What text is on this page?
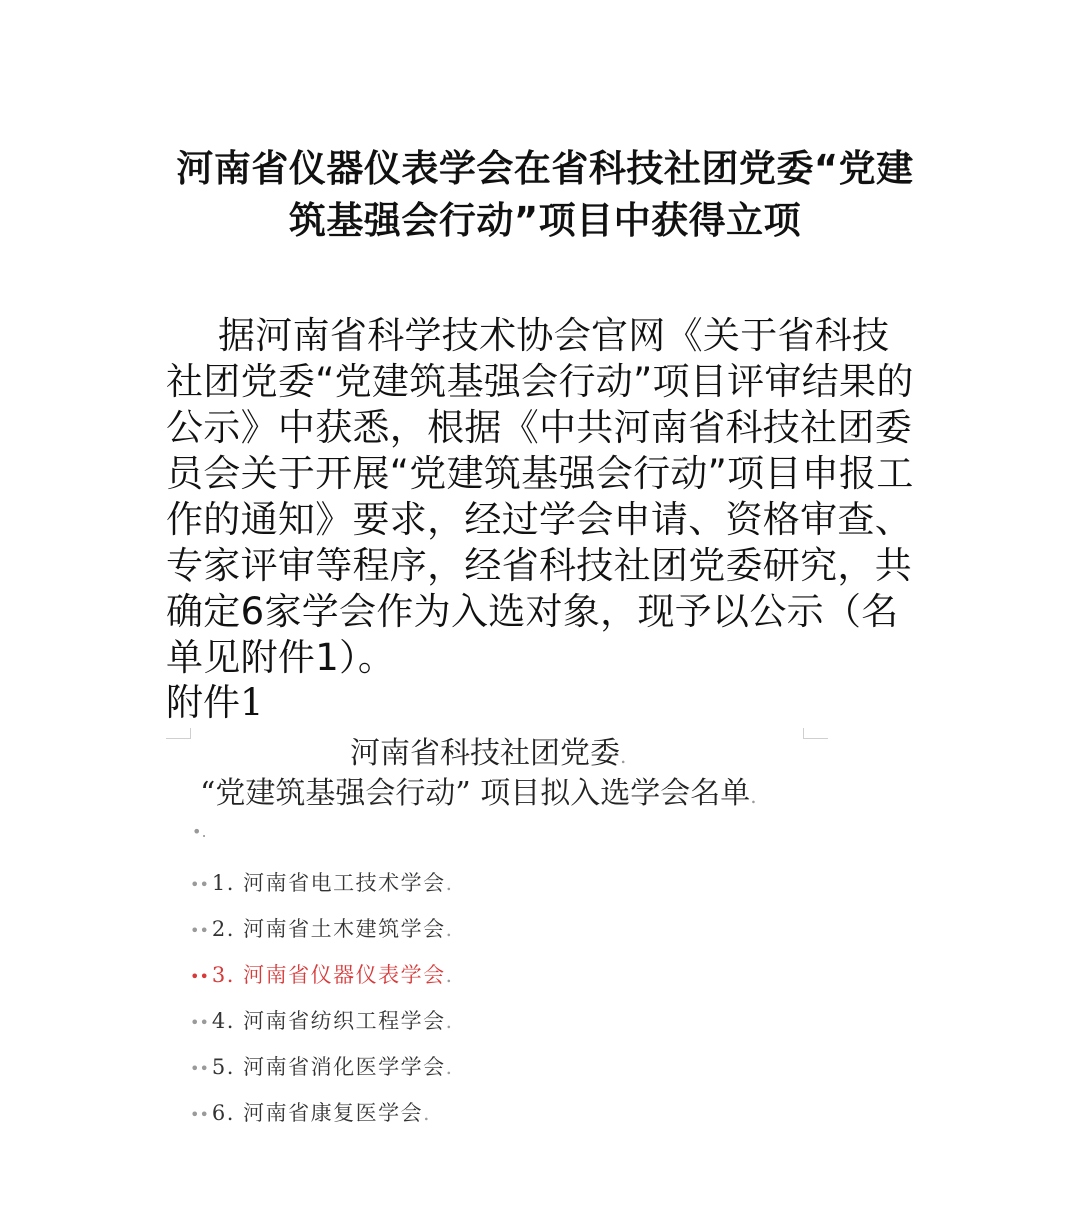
河南省仪器仪表学会在省科技社团党委“党建
筑基强会行动”项目中获得立项
据河南省科学技术协会官网《关于省科技社团党委“党建筑基强会行动”项目评审结果的公示》中获悉，根据《中共河南省科技社团委员会关于开展“党建筑基强会行动”项目申报工作的通知》要求，经过学会申请、资格审查、专家评审等程序，经省科技社团党委研究，共确定6家学会作为入选对象，现予以公示（名单见附件1）。
附件1
河南省科技社团党委.
“党建筑基强会行动” 项目拟入选学会名单.
•.
•• 1. 河南省电工技术学会.
•• 2. 河南省土木建筑学会.
•• 3. 河南省仪器仪表学会.
•• 4. 河南省纺织工程学会.
•• 5. 河南省消化医学学会.
•• 6. 河南省康复医学会.
